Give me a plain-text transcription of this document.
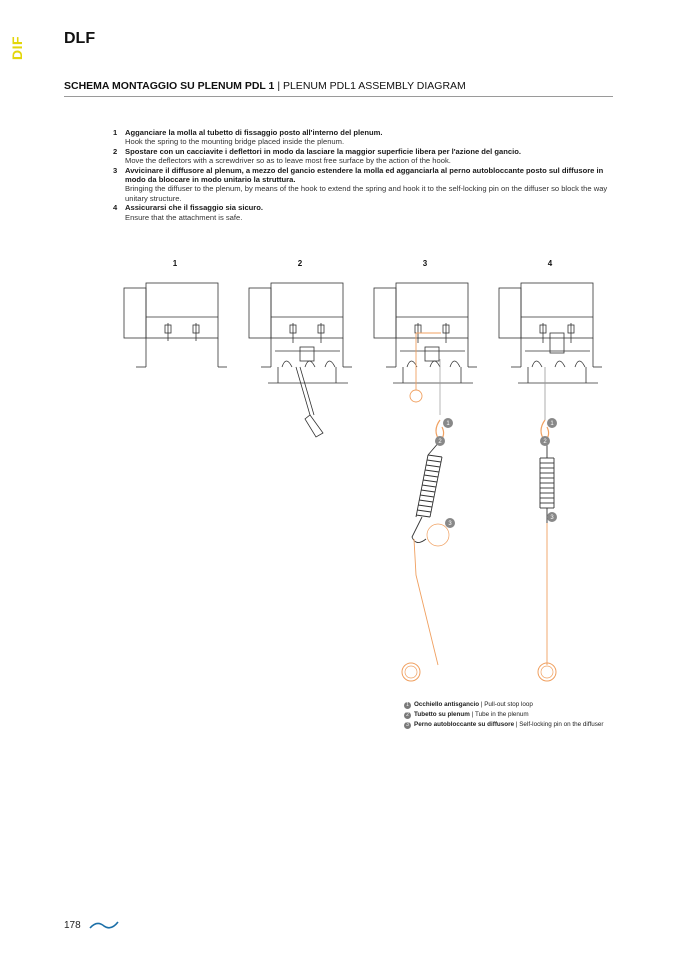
DIF DLF
SCHEMA MONTAGGIO SU PLENUM PDL 1 | PLENUM PDL1 ASSEMBLY DIAGRAM
1	Agganciare la molla al tubetto di fissaggio posto all'interno del plenum.
Hook the spring to the mounting bridge placed inside the plenum.
2	Spostare con un cacciavite i deflettori in modo da lasciare la maggior superficie libera per l'azione del gancio.
Move the deflectors with a screwdriver so as to leave most free surface by the action of the hook.
3	Avvicinare il diffusore al plenum, a mezzo del gancio estendere la molla ed agganciarla al perno autobloccante posto sul diffusore in modo da bloccare in modo unitario la struttura.
Bringing the diffuser to the plenum, by means of the hook to extend the spring and hook it to the self-locking pin on the diffuser so block the way unitary structure.
4	Assicurarsi che il fissaggio sia sicuro.
Ensure that the attachment is safe.
1	2	3	4
1
2
3
1
2
3
1 Occhiello antisgancio | Pull-out stop loop
2 Tubetto su plenum | Tube in the plenum
3 Perno autobloccante su diffusore | Self-locking pin on the diffuser
178
